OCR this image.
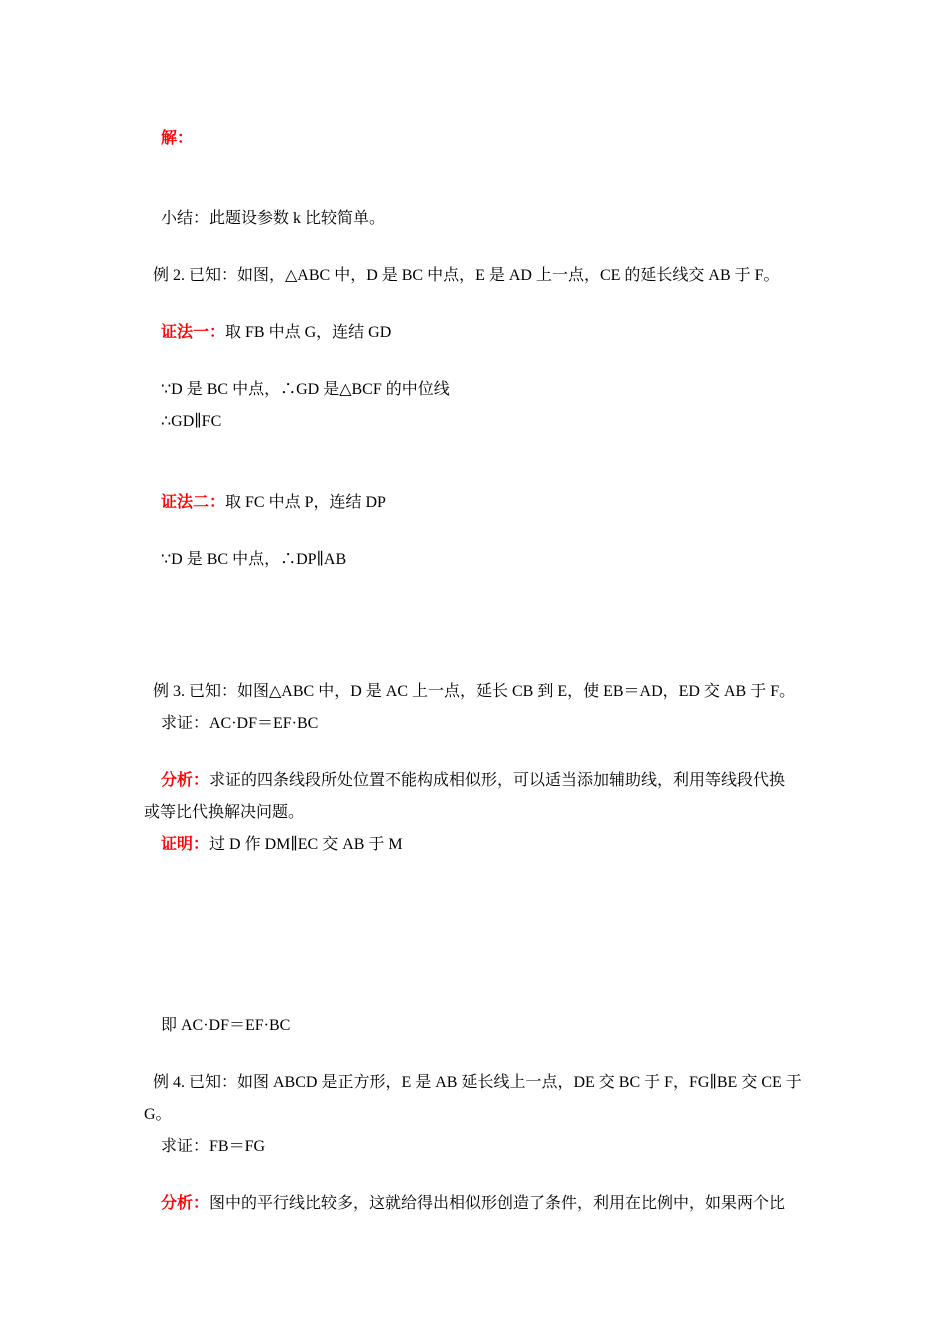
解：
小结：此题设参数 k 比较简单。
例 2. 已知：如图，△ABC 中，D 是 BC 中点，E 是 AD 上一点，CE 的延长线交 AB 于 F。
证法一：取 FB 中点 G，连结 GD
∵D 是 BC 中点，∴GD 是△BCF 的中位线
∴GD∥FC
证法二：取 FC 中点 P，连结 DP
∵D 是 BC 中点，∴DP∥AB
例 3. 已知：如图△ABC 中，D 是 AC 上一点，延长 CB 到 E，使 EB＝AD，ED 交 AB 于 F。
求证：AC·DF＝EF·BC
分析：求证的四条线段所处位置不能构成相似形，可以适当添加辅助线，利用等线段代换
或等比代换解决问题。
证明：过 D 作 DM∥EC 交 AB 于 M
即 AC·DF＝EF·BC
例 4. 已知：如图 ABCD 是正方形，E 是 AB 延长线上一点，DE 交 BC 于 F，FG∥BE 交 CE 于
G。
求证：FB＝FG
分析：图中的平行线比较多，这就给得出相似形创造了条件，利用在比例中，如果两个比
